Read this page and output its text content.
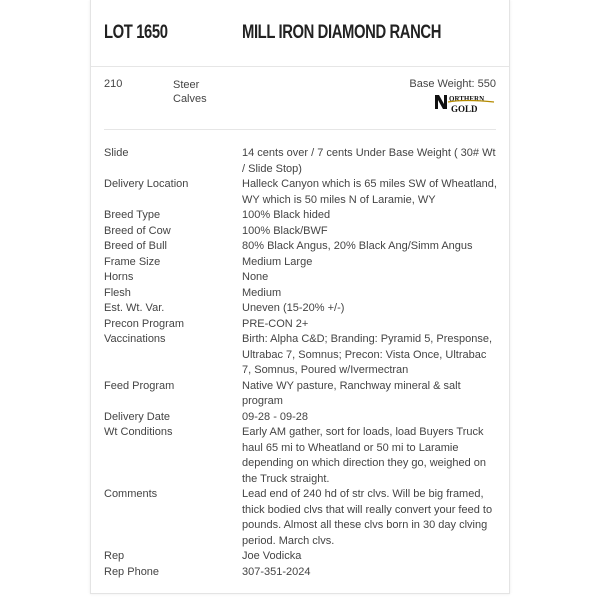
LOT 1650	MILL IRON DIAMOND RANCH
210	Steer
Calves
Base Weight: 550
ORTHERN
GOLD
Slide	14 cents over / 7 cents Under Base Weight ( 30# Wt / Slide Stop)
Delivery Location	Halleck Canyon which is 65 miles SW of Wheatland, WY which is 50 miles N of Laramie, WY
Breed Type	100% Black hided
Breed of Cow	100% Black/BWF
Breed of Bull	80% Black Angus, 20% Black Ang/Simm Angus
Frame Size	Medium Large
Horns	None
Flesh	Medium
Est. Wt. Var.	Uneven (15-20% +/-)
Precon Program	PRE-CON 2+
Vaccinations	Birth: Alpha C&D; Branding: Pyramid 5, Presponse, Ultrabac 7, Somnus; Precon: Vista Once, Ultrabac 7, Somnus, Poured w/Ivermectran
Feed Program	Native WY pasture, Ranchway mineral & salt program
Delivery Date	09-28 - 09-28
Wt Conditions	Early AM gather, sort for loads, load Buyers Truck haul 65 mi to Wheatland or 50 mi to Laramie depending on which direction they go, weighed on the Truck straight.
Comments	Lead end of 240 hd of str clvs. Will be big framed, thick bodied clvs that will really convert your feed to pounds. Almost all these clvs born in 30 day clving period. March clvs.
Rep	Joe Vodicka
Rep Phone	307-351-2024
